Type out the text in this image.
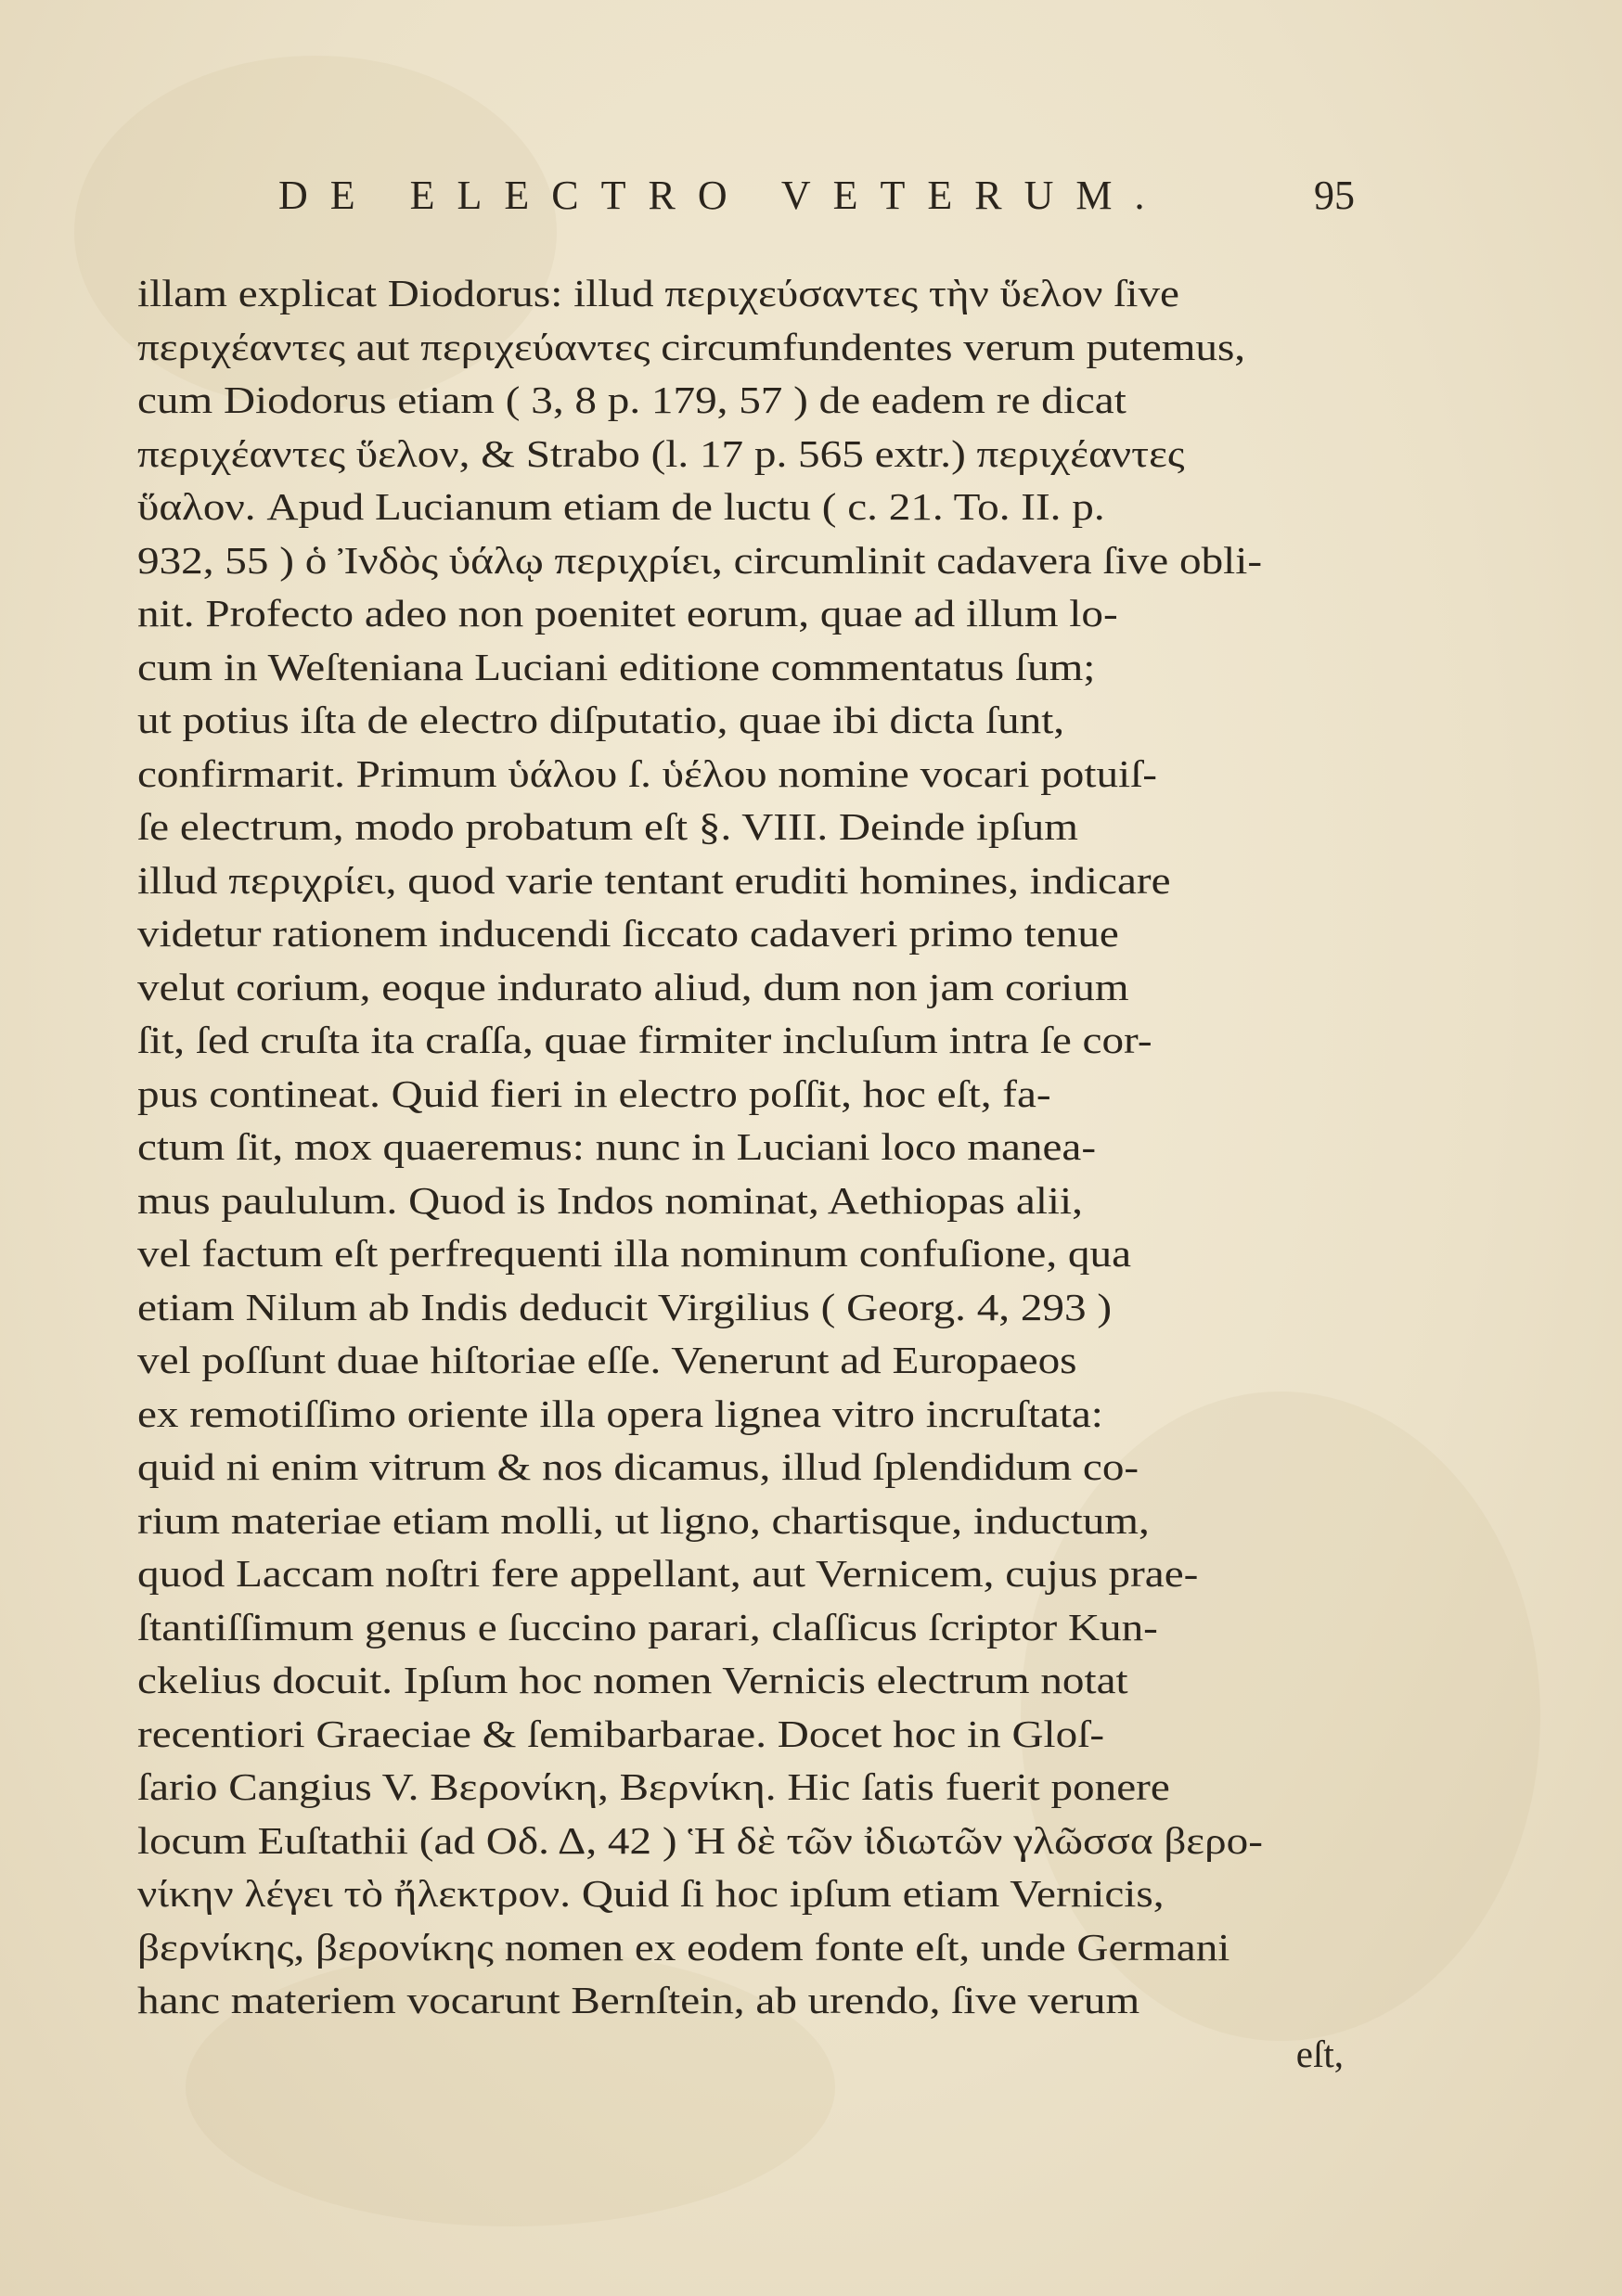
DE ELECTRO VETERUM.	95
illam explicat Diodorus: illud περιχεύσαντες τὴν ὕελον ſive
περιχέαντες aut περιχεύαντες circumfundentes verum putemus,
cum Diodorus etiam ( 3, 8 p. 179, 57 ) de eadem re dicat
περιχέαντες ὕελον, & Strabo (l. 17 p. 565 extr.) περιχέαντες
ὕαλον. Apud Lucianum etiam de luctu ( c. 21. To. II. p.
932, 55 ) ὁ Ἰνδὸς ὑάλῳ περιχρίει, circumlinit cadavera ſive obli-
nit. Profecto adeo non poenitet eorum, quae ad illum lo-
cum in Weſteniana Luciani editione commentatus ſum;
ut potius iſta de electro diſputatio, quae ibi dicta ſunt,
confirmarit. Primum ὑάλου ſ. ὑέλου nomine vocari potuiſ-
ſe electrum, modo probatum eſt §. VIII. Deinde ipſum
illud περιχρίει, quod varie tentant eruditi homines, indicare
videtur rationem inducendi ſiccato cadaveri primo tenue
velut corium, eoque indurato aliud, dum non jam corium
ſit, ſed cruſta ita craſſa, quae firmiter incluſum intra ſe cor-
pus contineat. Quid fieri in electro poſſit, hoc eſt, fa-
ctum ſit, mox quaeremus: nunc in Luciani loco manea-
mus paululum. Quod is Indos nominat, Aethiopas alii,
vel factum eſt perfrequenti illa nominum confuſione, qua
etiam Nilum ab Indis deducit Virgilius ( Georg. 4, 293 )
vel poſſunt duae hiſtoriae eſſe. Venerunt ad Europaeos
ex remotiſſimo oriente illa opera lignea vitro incruſtata:
quid ni enim vitrum & nos dicamus, illud ſplendidum co-
rium materiae etiam molli, ut ligno, chartisque, inductum,
quod Laccam noſtri fere appellant, aut Vernicem, cujus prae-
ſtantiſſimum genus e ſuccino parari, claſſicus ſcriptor Kun-
ckelius docuit. Ipſum hoc nomen Vernicis electrum notat
recentiori Graeciae & ſemibarbarae. Docet hoc in Gloſ-
ſario Cangius V. Βερονίκη, Βερνίκη. Hic ſatis fuerit ponere
locum Euſtathii (ad Οδ. Δ, 42 ) Ἡ δὲ τῶν ἰδιωτῶν γλῶσσα βερο-
νίκην λέγει τὸ ἤλεκτρον. Quid ſi hoc ipſum etiam Vernicis,
βερνίκης, βερονίκης nomen ex eodem fonte eſt, unde Germani
hanc materiem vocarunt Bernſtein, ab urendo, ſive verum
eſt,
